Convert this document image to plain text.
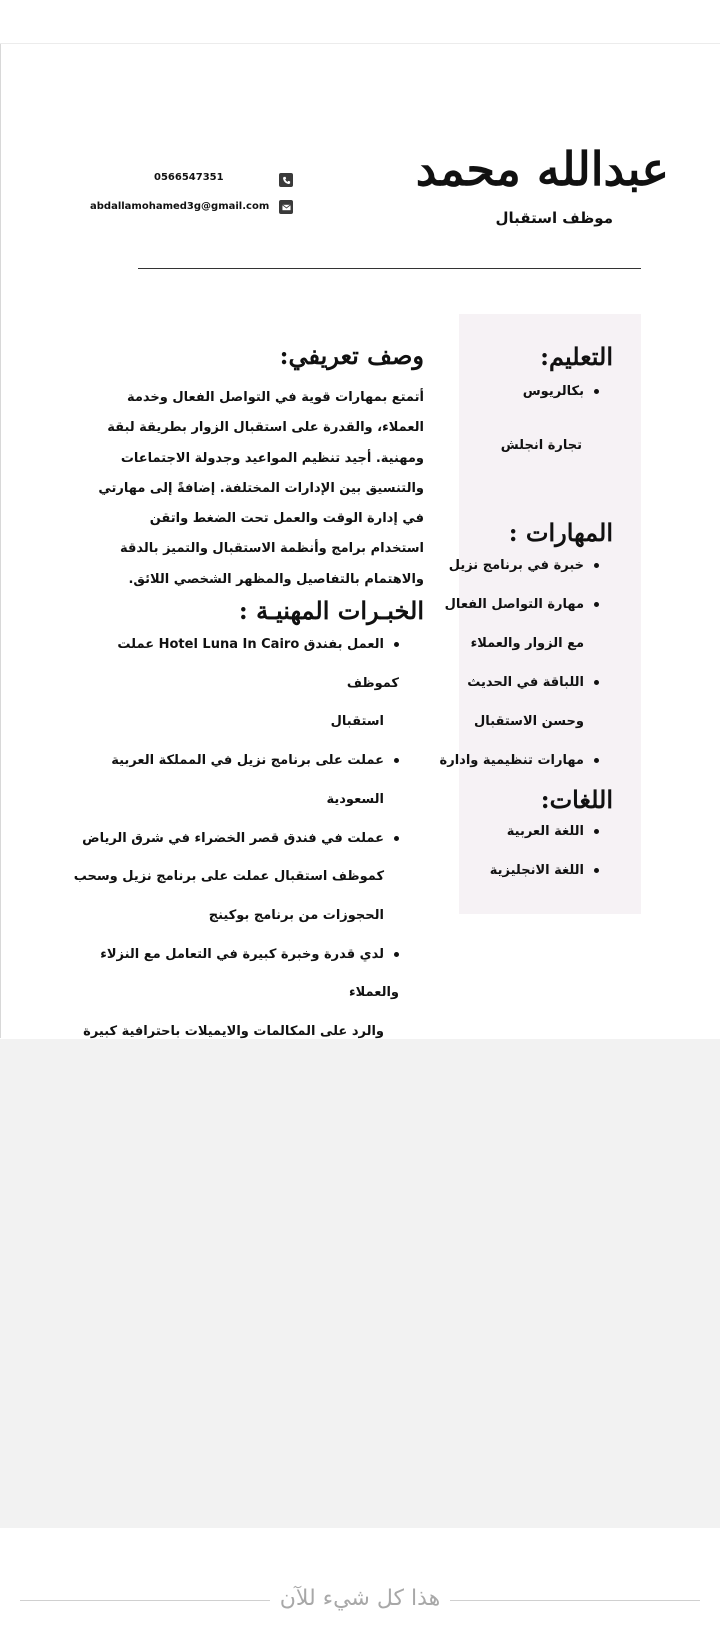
عبدالله محمد
موظف استقبال
0566547351
abdallamohamed3g@gmail.com
التعليم:
بكالريوس
تجارة انجلش
المهارات :
خبرة في برنامج نزيل
مهارة التواصل الفعال
مع الزوار والعملاء
اللباقة في الحديث
وحسن الاستقبال
مهارات تنظيمية وادارة
اللغات:
اللغة العربية
اللغة الانجليزية
وصف تعريفي:
أتمتع بمهارات قوية في التواصل الفعال وخدمة العملاء، والقدرة على استقبال الزوار بطريقة لبقة ومهنية. أجيد تنظيم المواعيد وجدولة الاجتماعات والتنسيق بين الإدارات المختلفة. إضافةً إلى مهارتي في إدارة الوقت والعمل تحت الضغط واتقن استخدام برامج وأنظمة الاستقبال والتميز بالدقة والاهتمام بالتفاصيل والمظهر الشخصي اللائق.
الخبـرات المهنيـة :
العمل بفندق Hotel Luna In Cairo عملت كموظف
استقبال
عملت على برنامج نزيل في المملكة العربية
السعودية
عملت في فندق قصر الخضراء في شرق الرياض
كموظف استقبال عملت على برنامج نزيل وسحب
الحجوزات من برنامج بوكينج
لدي قدرة وخبرة كبيرة في التعامل مع النزلاء والعملاء
والرد على المكالمات والايميلات باحترافية كبيرة
هذا كل شيء للآن
